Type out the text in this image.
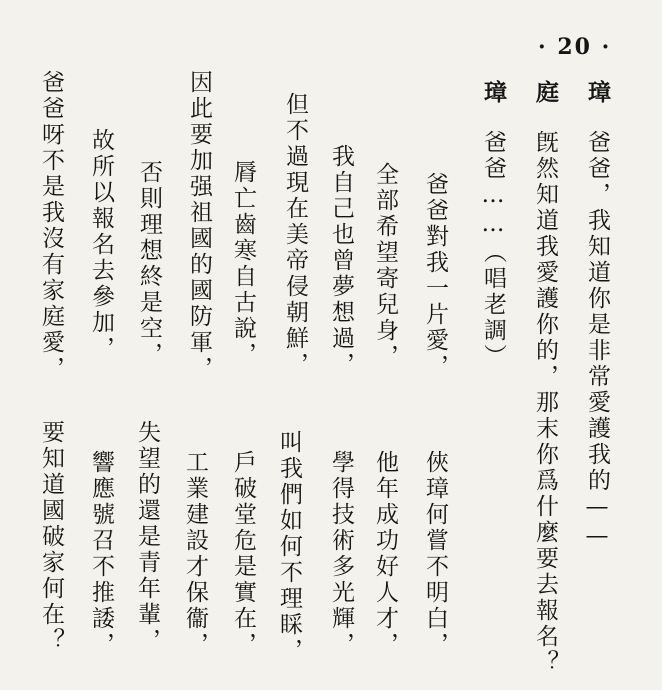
· 20 ·
璋
爸爸，我知道你是非常愛護我的——
庭
旣然知道我愛護你的，那末你爲什麼要去報名？
璋
爸爸……（唱老調）
爸爸對我一片愛，
全部希望寄兒身，
我自己也曾夢想過，
但不過現在美帝侵朝鮮，
脣亡齒寒自古說，
因此要加强祖國的國防軍，
否則理想終是空，
故所以報名去參加，
爸爸呀不是我沒有家庭愛，
俠璋何嘗不明白，
他年成功好人才，
學得技術多光輝，
叫我們如何不理睬，
戶破堂危是實在，
工業建設才保衞，
失望的還是青年輩，
響應號召不推諉，
要知道國破家何在？
